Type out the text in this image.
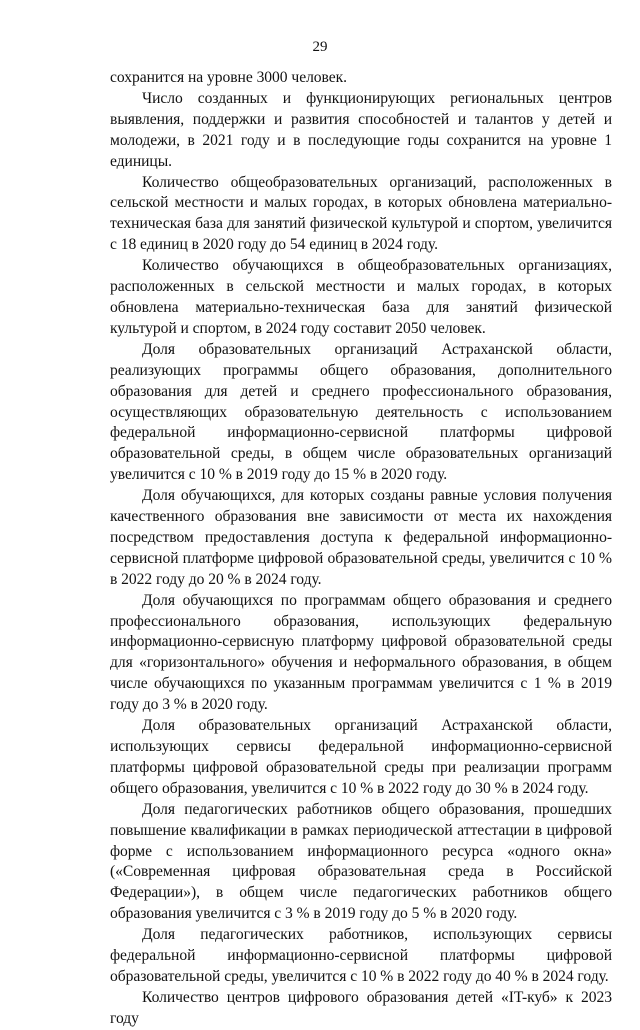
29

сохранится на уровне 3000 человек.

Число созданных и функционирующих региональных центров выявления, поддержки и развития способностей и талантов у детей и молодежи, в 2021 году и в последующие годы сохранится на уровне 1 единицы.

Количество общеобразовательных организаций, расположенных в сельской местности и малых городах, в которых обновлена материально-техническая база для занятий физической культурой и спортом, увеличится с 18 единиц в 2020 году до 54 единиц в 2024 году.

Количество обучающихся в общеобразовательных организациях, расположенных в сельской местности и малых городах, в которых обновлена материально-техническая база для занятий физической культурой и спортом, в 2024 году составит 2050 человек.

Доля образовательных организаций Астраханской области, реализующих программы общего образования, дополнительного образования для детей и среднего профессионального образования, осуществляющих образовательную деятельность с использованием федеральной информационно-сервисной платформы цифровой образовательной среды, в общем числе образовательных организаций увеличится с 10 % в 2019 году до 15 % в 2020 году.

Доля обучающихся, для которых созданы равные условия получения качественного образования вне зависимости от места их нахождения посредством предоставления доступа к федеральной информационно-сервисной платформе цифровой образовательной среды, увеличится с 10 % в 2022 году до 20 % в 2024 году.

Доля обучающихся по программам общего образования и среднего профессионального образования, использующих федеральную информационно-сервисную платформу цифровой образовательной среды для «горизонтального» обучения и неформального образования, в общем числе обучающихся по указанным программам увеличится с 1 % в 2019 году до 3 % в 2020 году.

Доля образовательных организаций Астраханской области, использующих сервисы федеральной информационно-сервисной платформы цифровой образовательной среды при реализации программ общего образования, увеличится с 10 % в 2022 году до 30 % в 2024 году.

Доля педагогических работников общего образования, прошедших повышение квалификации в рамках периодической аттестации в цифровой форме с использованием информационного ресурса «одного окна» («Современная цифровая образовательная среда в Российской Федерации»), в общем числе педагогических работников общего образования увеличится с 3 % в 2019 году до 5 % в 2020 году.

Доля педагогических работников, использующих сервисы федеральной информационно-сервисной платформы цифровой образовательной среды, увеличится с 10 % в 2022 году до 40 % в 2024 году.

Количество центров цифрового образования детей «IT-куб» к 2023 году
